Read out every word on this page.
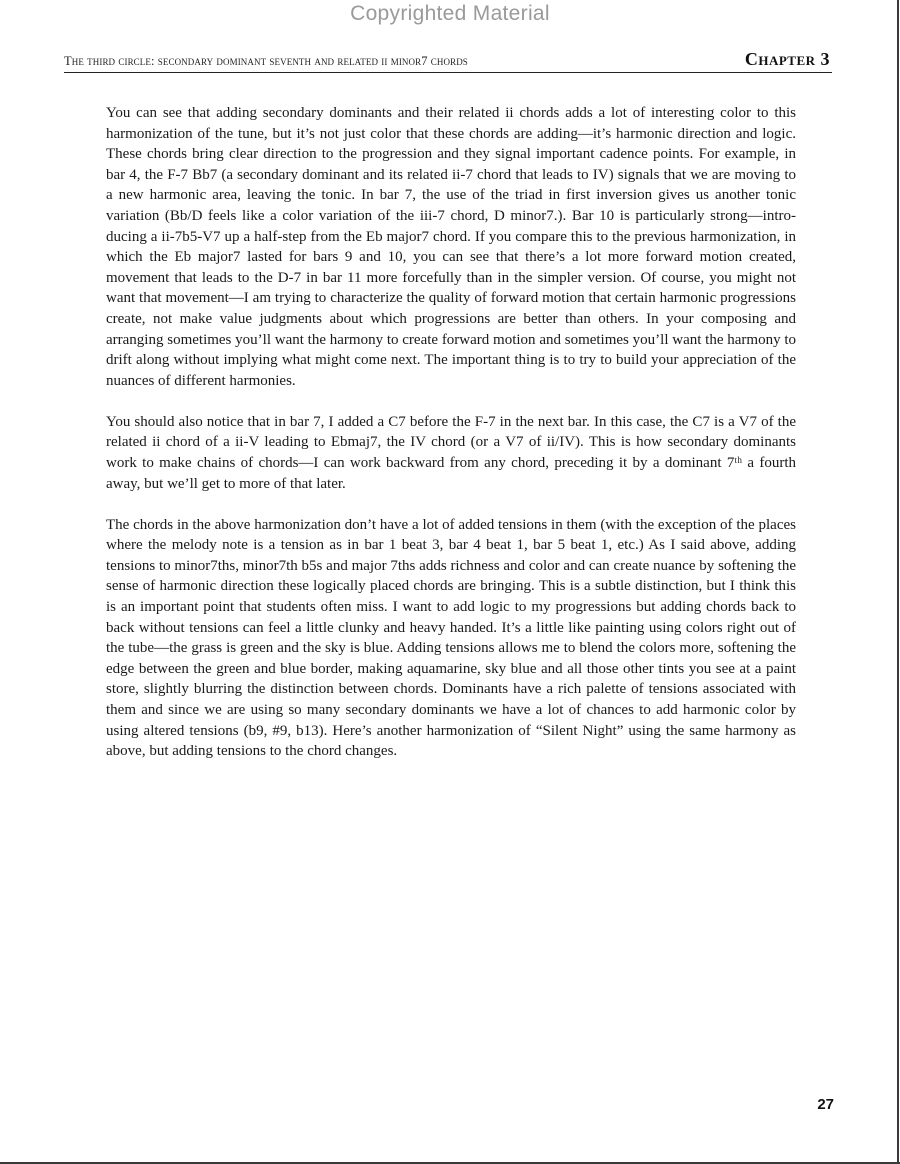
Copyrighted Material
The third circle: secondary dominant seventh and related ii minor7 chords	Chapter 3

You can see that adding secondary dominants and their related ii chords adds a lot of interesting color to this harmonization of the tune, but it’s not just color that these chords are adding—it’s harmonic direction and logic. These chords bring clear direction to the progression and they signal important cadence points. For example, in bar 4, the F-7 Bb7 (a secondary dominant and its related ii-7 chord that leads to IV) signals that we are moving to a new harmonic area, leaving the tonic. In bar 7, the use of the triad in first inversion gives us another tonic variation (Bb/D feels like a color variation of the iii-7 chord, D minor7.). Bar 10 is particularly strong—introducing a ii-7b5-V7 up a half-step from the Eb major7 chord. If you compare this to the previous harmonization, in which the Eb major7 lasted for bars 9 and 10, you can see that there’s a lot more forward motion created, movement that leads to the D-7 in bar 11 more forcefully than in the simpler version. Of course, you might not want that movement—I am trying to characterize the quality of forward motion that certain harmonic progressions create, not make value judgments about which progressions are better than others. In your composing and arranging sometimes you’ll want the harmony to create forward motion and sometimes you’ll want the harmony to drift along without implying what might come next. The important thing is to try to build your appreciation of the nuances of different harmonies.

You should also notice that in bar 7, I added a C7 before the F-7 in the next bar. In this case, the C7 is a V7 of the related ii chord of a ii-V leading to Ebmaj7, the IV chord (or a V7 of ii/IV). This is how secondary dominants work to make chains of chords—I can work backward from any chord, preceding it by a dominant 7ᵗʰ a fourth away, but we’ll get to more of that later.

The chords in the above harmonization don’t have a lot of added tensions in them (with the exception of the places where the melody note is a tension as in bar 1 beat 3, bar 4 beat 1, bar 5 beat 1, etc.) As I said above, adding tensions to minor7ths, minor7th b5s and major 7ths adds richness and color and can create nuance by softening the sense of harmonic direction these logically placed chords are bringing. This is a subtle distinction, but I think this is an important point that students often miss. I want to add logic to my progressions but adding chords back to back without tensions can feel a little clunky and heavy handed. It’s a little like painting using colors right out of the tube—the grass is green and the sky is blue. Adding tensions allows me to blend the colors more, softening the edge between the green and blue border, making aquamarine, sky blue and all those other tints you see at a paint store, slightly blurring the distinction between chords. Dominants have a rich palette of tensions associated with them and since we are using so many secondary dominants we have a lot of chances to add harmonic color by using altered tensions (b9, #9, b13). Here’s another harmonization of “Silent Night” using the same harmony as above, but adding tensions to the chord changes.

27
